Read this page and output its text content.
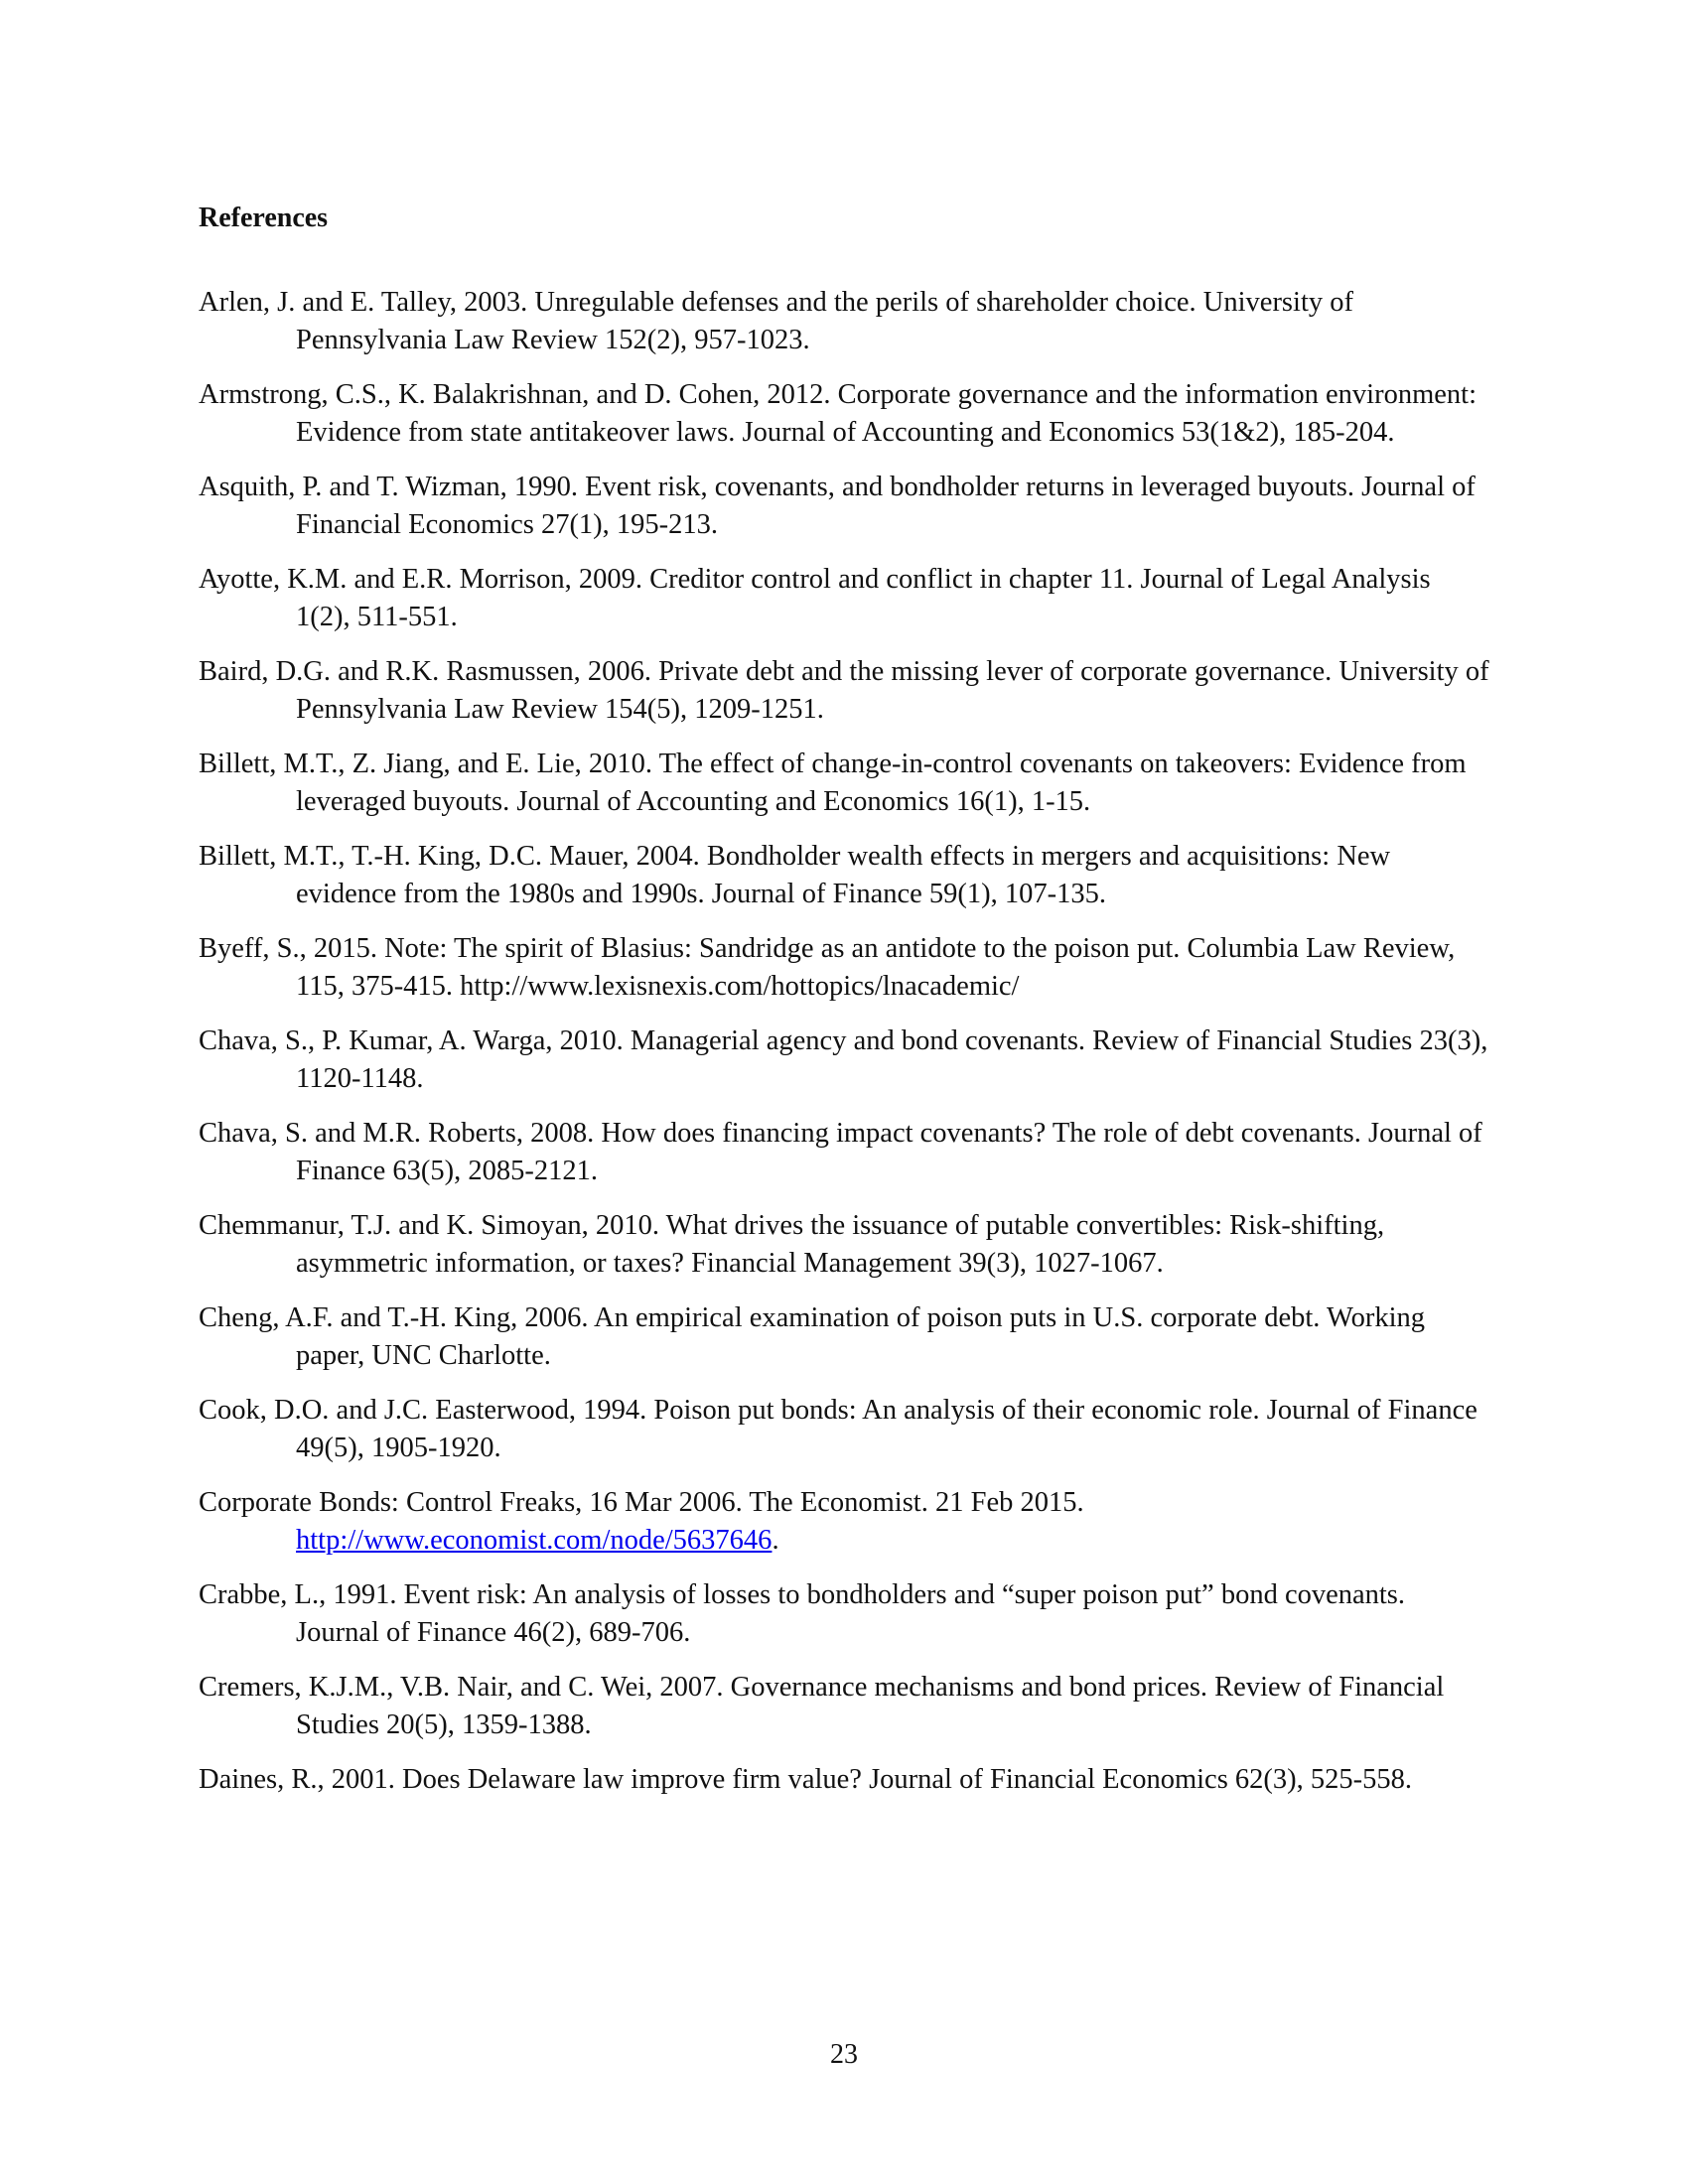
References
Arlen, J. and E. Talley, 2003. Unregulable defenses and the perils of shareholder choice. University of Pennsylvania Law Review 152(2), 957-1023.
Armstrong, C.S., K. Balakrishnan, and D. Cohen, 2012. Corporate governance and the information environment: Evidence from state antitakeover laws. Journal of Accounting and Economics 53(1&2), 185-204.
Asquith, P. and T. Wizman, 1990. Event risk, covenants, and bondholder returns in leveraged buyouts. Journal of Financial Economics 27(1), 195-213.
Ayotte, K.M. and E.R. Morrison, 2009. Creditor control and conflict in chapter 11. Journal of Legal Analysis 1(2), 511-551.
Baird, D.G. and R.K. Rasmussen, 2006. Private debt and the missing lever of corporate governance. University of Pennsylvania Law Review 154(5), 1209-1251.
Billett, M.T., Z. Jiang, and E. Lie, 2010. The effect of change-in-control covenants on takeovers: Evidence from leveraged buyouts. Journal of Accounting and Economics 16(1), 1-15.
Billett, M.T., T.-H. King, D.C. Mauer, 2004. Bondholder wealth effects in mergers and acquisitions: New evidence from the 1980s and 1990s. Journal of Finance 59(1), 107-135.
Byeff, S., 2015. Note: The spirit of Blasius: Sandridge as an antidote to the poison put. Columbia Law Review, 115, 375-415. http://www.lexisnexis.com/hottopics/lnacademic/
Chava, S., P. Kumar, A. Warga, 2010. Managerial agency and bond covenants. Review of Financial Studies 23(3), 1120-1148.
Chava, S. and M.R. Roberts, 2008. How does financing impact covenants? The role of debt covenants. Journal of Finance 63(5), 2085-2121.
Chemmanur, T.J. and K. Simoyan, 2010. What drives the issuance of putable convertibles: Risk-shifting, asymmetric information, or taxes? Financial Management 39(3), 1027-1067.
Cheng, A.F. and T.-H. King, 2006. An empirical examination of poison puts in U.S. corporate debt. Working paper, UNC Charlotte.
Cook, D.O. and J.C. Easterwood, 1994. Poison put bonds: An analysis of their economic role. Journal of Finance 49(5), 1905-1920.
Corporate Bonds: Control Freaks, 16 Mar 2006. The Economist. 21 Feb 2015. http://www.economist.com/node/5637646.
Crabbe, L., 1991. Event risk: An analysis of losses to bondholders and “super poison put” bond covenants. Journal of Finance 46(2), 689-706.
Cremers, K.J.M., V.B. Nair, and C. Wei, 2007. Governance mechanisms and bond prices. Review of Financial Studies 20(5), 1359-1388.
Daines, R., 2001. Does Delaware law improve firm value? Journal of Financial Economics 62(3), 525-558.
23
